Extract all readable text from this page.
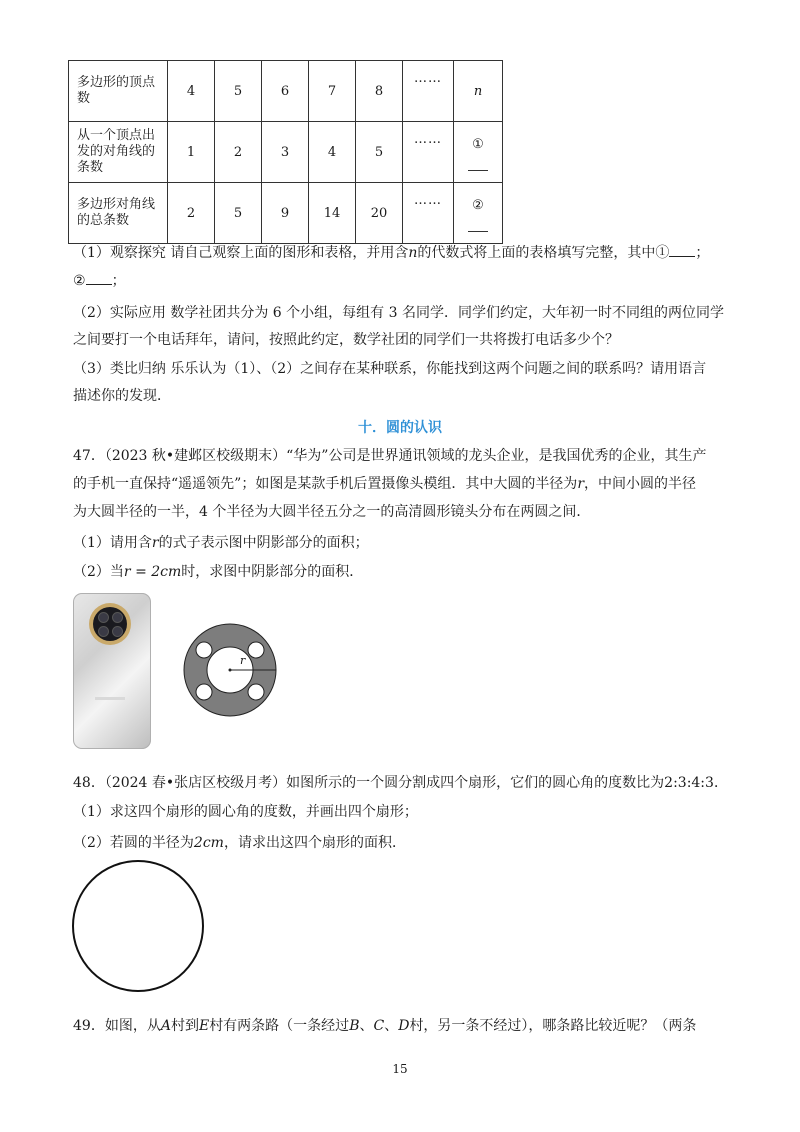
多边形的顶点数	4	5	6	7	8	……	n
从一个顶点出发的对角线的条数	1	2	3	4	5	……	①

多边形对角线的总条数	2	5	9	14	20	……	②
（1）观察探究 请自己观察上面的图形和表格，并用含n的代数式将上面的表格填写完整，其中① ；
② ；
（2）实际应用 数学社团共分为 6 个小组，每组有 3 名同学．同学们约定，大年初一时不同组的两位同学
之间要打一个电话拜年，请问，按照此约定，数学社团的同学们一共将拨打电话多少个？
（3）类比归纳 乐乐认为（1）、（2）之间存在某种联系，你能找到这两个问题之间的联系吗？请用语言
描述你的发现．
十．圆的认识
47．（2023 秋•建邺区校级期末）“华为”公司是世界通讯领域的龙头企业，是我国优秀的企业，其生产
的手机一直保持“遥遥领先”；如图是某款手机后置摄像头模组．其中大圆的半径为r，中间小圆的半径
为大圆半径的一半，4 个半径为大圆半径五分之一的高清圆形镜头分布在两圆之间．
（1）请用含r的式子表示图中阴影部分的面积；
（2）当r = 2cm时，求图中阴影部分的面积．
r
48．（2024 春•张店区校级月考）如图所示的一个圆分割成四个扇形，它们的圆心角的度数比为2:3:4:3．
（1）求这四个扇形的圆心角的度数，并画出四个扇形；
（2）若圆的半径为2cm，请求出这四个扇形的面积．
49．如图，从A村到E村有两条路（一条经过B、C、D村，另一条不经过），哪条路比较近呢？（两条
15
